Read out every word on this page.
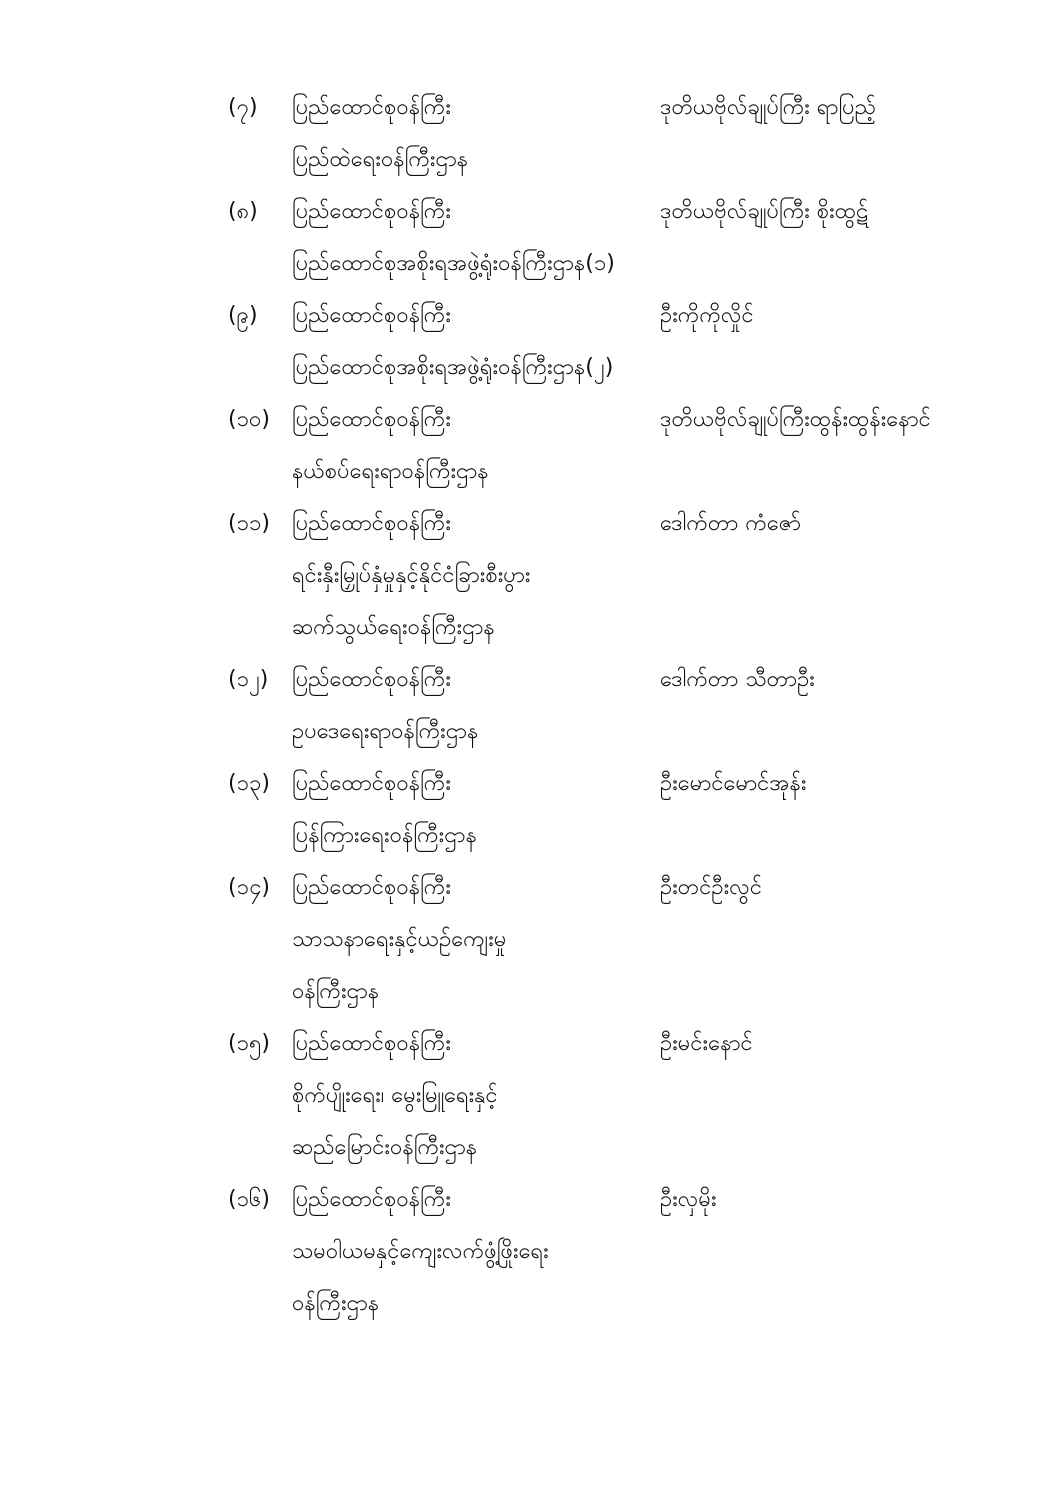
(၇) ပြည်ထောင်စုဝန်ကြီး	ဒုတိယဗိုလ်ချုပ်ကြီး ရာပြည့်
ပြည်ထဲရေးဝန်ကြီးဌာန
(၈) ပြည်ထောင်စုဝန်ကြီး	ဒုတိယဗိုလ်ချုပ်ကြီး စိုးထွဋ်
ပြည်ထောင်စုအစိုးရအဖွဲ့ရုံးဝန်ကြီးဌာန(၁)
(၉) ပြည်ထောင်စုဝန်ကြီး	ဦးကိုကိုလှိုင်
ပြည်ထောင်စုအစိုးရအဖွဲ့ရုံးဝန်ကြီးဌာန(၂)
(၁၀) ပြည်ထောင်စုဝန်ကြီး	ဒုတိယဗိုလ်ချုပ်ကြီးထွန်းထွန်းနောင်
နယ်စပ်ရေးရာဝန်ကြီးဌာန
(၁၁) ပြည်ထောင်စုဝန်ကြီး	ဒေါက်တာ ကံဇော်
ရင်းနှီးမြှုပ်နှံမှုနှင့်နိုင်ငံခြားစီးပွား
ဆက်သွယ်ရေးဝန်ကြီးဌာန
(၁၂) ပြည်ထောင်စုဝန်ကြီး	ဒေါက်တာ သီတာဦး
ဥပဒေရေးရာဝန်ကြီးဌာန
(၁၃) ပြည်ထောင်စုဝန်ကြီး	ဦးမောင်မောင်အုန်း
ပြန်ကြားရေးဝန်ကြီးဌာန
(၁၄) ပြည်ထောင်စုဝန်ကြီး	ဦးတင်ဦးလွင်
သာသနာရေးနှင့်ယဉ်ကျေးမှု
ဝန်ကြီးဌာန
(၁၅) ပြည်ထောင်စုဝန်ကြီး	ဦးမင်းနောင်
စိုက်ပျိုးရေး၊ မွေးမြူရေးနှင့်
ဆည်မြောင်းဝန်ကြီးဌာန
(၁၆) ပြည်ထောင်စုဝန်ကြီး	ဦးလှမိုး
သမဝါယမနှင့်ကျေးလက်ဖွံ့ဖြိုးရေး
ဝန်ကြီးဌာန
